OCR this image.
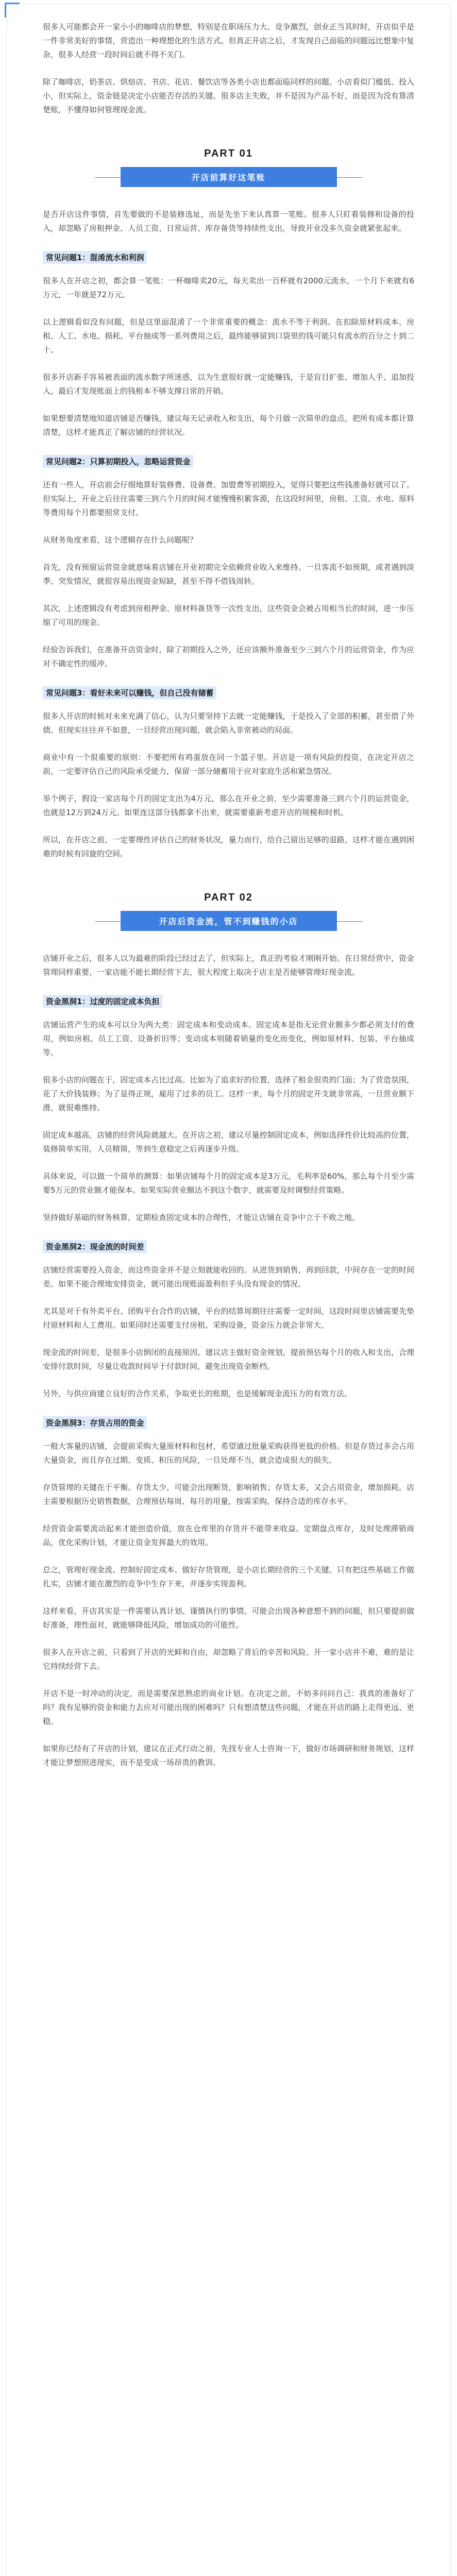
很多人可能都会开一家小小的咖啡店的梦想，特别是在职场压力大、竞争激烈，创业正当其时时，开店似乎是一件非常美好的事情，营造出一种理想化的生活方式。但真正开店之后，才发现自己面临的问题远比想象中复杂，很多人经营一段时间后就不得不关门。

除了咖啡店，奶茶店、烘焙店、书店、花店、餐饮店等各类小店也都面临同样的问题。小店看似门槛低、投入小，但实际上，资金链是决定小店能否存活的关键。很多店主失败，并不是因为产品不好，而是因为没有算清楚账，不懂得如何管理现金流。

PART 01
开店前算好这笔账

是否开店这件事情，首先要做的不是装修选址，而是先坐下来认真算一笔账。很多人只盯着装修和设备的投入，却忽略了房租押金、人员工资、日常运营、库存备货等持续性支出，导致开业没多久资金就紧张起来。

常见问题1：混淆流水和利润

很多人在开店之初，都会算一笔账：一杯咖啡卖20元，每天卖出一百杯就有2000元流水，一个月下来就有6万元，一年就是72万元。

以上逻辑看似没有问题，但是这里面混淆了一个非常重要的概念：流水不等于利润。在扣除原材料成本、房租、人工、水电、损耗、平台抽成等一系列费用之后，最终能够留到口袋里的钱可能只有流水的百分之十到二十。

很多开店新手容易被表面的流水数字所迷惑，以为生意很好就一定能赚钱，于是盲目扩张、增加人手、追加投入，最后才发现账面上的钱根本不够支撑日常的开销。

如果想要清楚地知道店铺是否赚钱，建议每天记录收入和支出，每个月做一次简单的盘点，把所有成本都计算清楚，这样才能真正了解店铺的经营状况。

常见问题2：只算初期投入，忽略运营资金

还有一些人，开店前会仔细地算好装修费、设备费、加盟费等初期投入，觉得只要把这些钱准备好就可以了。但实际上，开业之后往往需要三到六个月的时间才能慢慢积累客源，在这段时间里，房租、工资、水电、原料等费用每个月都要照常支付。

从财务角度来看，这个逻辑存在什么问题呢？

首先，没有预留运营资金就意味着店铺在开业初期完全依赖营业收入来维持。一旦客流不如预期，或者遇到淡季、突发情况，就很容易出现资金短缺，甚至不得不借钱周转。

其次，上述逻辑没有考虑到房租押金、原材料备货等一次性支出，这些资金会被占用相当长的时间，进一步压缩了可用的现金。

经验告诉我们，在准备开店资金时，除了初期投入之外，还应该额外准备至少三到六个月的运营资金，作为应对不确定性的缓冲。

常见问题3：看好未来可以赚钱，但自己没有储蓄

很多人开店的时候对未来充满了信心，认为只要坚持下去就一定能赚钱，于是投入了全部的积蓄，甚至借了外债。但现实往往并不如意，一旦经营出现问题，就会陷入非常被动的局面。

商业中有一个很重要的原则：不要把所有鸡蛋放在同一个篮子里。开店是一项有风险的投资，在决定开店之前，一定要评估自己的风险承受能力，保留一部分储蓄用于应对家庭生活和紧急情况。

举个例子，假设一家店每个月的固定支出为4万元，那么在开业之前，至少需要准备三到六个月的运营资金，也就是12万到24万元。如果连这部分钱都拿不出来，就需要重新考虑开店的规模和时机。

所以，在开店之前，一定要理性评估自己的财务状况，量力而行，给自己留出足够的退路，这样才能在遇到困难的时候有回旋的空间。

PART 02
开店后资金流，管不到赚钱的小店

店铺开业之后，很多人以为最难的阶段已经过去了，但实际上，真正的考验才刚刚开始。在日常经营中，资金管理同样重要，一家店能不能长期经营下去，很大程度上取决于店主是否能够管理好现金流。

资金黑洞1：过度的固定成本负担

店铺运营产生的成本可以分为两大类：固定成本和变动成本。固定成本是指无论营业额多少都必须支付的费用，例如房租、员工工资、设备折旧等；变动成本则随着销量的变化而变化，例如原材料、包装、平台抽成等。

很多小店的问题在于，固定成本占比过高。比如为了追求好的位置，选择了租金很贵的门面；为了营造氛围，花了大价钱装修；为了显得正规，雇用了过多的员工。这样一来，每个月的固定开支就非常高，一旦营业额下滑，就很难维持。

固定成本越高，店铺的经营风险就越大。在开店之初，建议尽量控制固定成本，例如选择性价比较高的位置，装修简单实用，人员精简，等到生意稳定之后再逐步升级。

具体来说，可以做一个简单的测算：如果店铺每个月的固定成本是3万元，毛利率是60%，那么每个月至少需要5万元的营业额才能保本。如果实际营业额达不到这个数字，就需要及时调整经营策略。

坚持做好基础的财务核算，定期检查固定成本的合理性，才能让店铺在竞争中立于不败之地。

资金黑洞2：现金流的时间差

店铺经营需要投入资金，而这些资金并不是立刻就能收回的。从进货到销售，再到回款，中间存在一定的时间差。如果不能合理地安排资金，就可能出现账面盈利但手头没有现金的情况。

尤其是对于有外卖平台、团购平台合作的店铺，平台的结算周期往往需要一定时间，这段时间里店铺需要先垫付原材料和人工费用。如果同时还需要支付房租、采购设备，资金压力就会非常大。

现金流的时间差，是很多小店倒闭的直接原因。建议店主做好资金规划，提前预估每个月的收入和支出，合理安排付款时间，尽量让收款时间早于付款时间，避免出现资金断档。

另外，与供应商建立良好的合作关系，争取更长的账期，也是缓解现金流压力的有效方法。

资金黑洞3：存货占用的资金

一般大客量的店铺，会提前采购大量原材料和包材，希望通过批量采购获得更低的价格。但是存货过多会占用大量资金，而且存在过期、变质、积压的风险，一旦处理不当，就会造成很大的损失。

存货管理的关键在于平衡。存货太少，可能会出现断货，影响销售；存货太多，又会占用资金，增加损耗。店主需要根据历史销售数据，合理预估每周、每月的用量，按需采购，保持合适的库存水平。

经营资金需要流动起来才能创造价值，放在仓库里的存货并不能带来收益。定期盘点库存，及时处理滞销商品，优化采购计划，才能让资金发挥最大的效用。

总之，管理好现金流、控制好固定成本、做好存货管理，是小店长期经营的三个关键。只有把这些基础工作做扎实，店铺才能在激烈的竞争中生存下来，并逐步实现盈利。

这样来看，开店其实是一件需要认真计划、谨慎执行的事情。可能会出现各种意想不到的问题，但只要提前做好准备，理性面对，就能够降低风险，增加成功的可能性。

很多人在开店之前，只看到了开店的光鲜和自由，却忽略了背后的辛苦和风险。开一家小店并不难，难的是让它持续经营下去。

开店不是一时冲动的决定，而是需要深思熟虑的商业计划。在决定之前，不妨多问问自己：我真的准备好了吗？我有足够的资金和能力去应对可能出现的困难吗？只有想清楚这些问题，才能在开店的路上走得更远、更稳。

如果你已经有了开店的计划，建议在正式行动之前，先找专业人士咨询一下，做好市场调研和财务规划，这样才能让梦想照进现实，而不是变成一场昂贵的教训。
